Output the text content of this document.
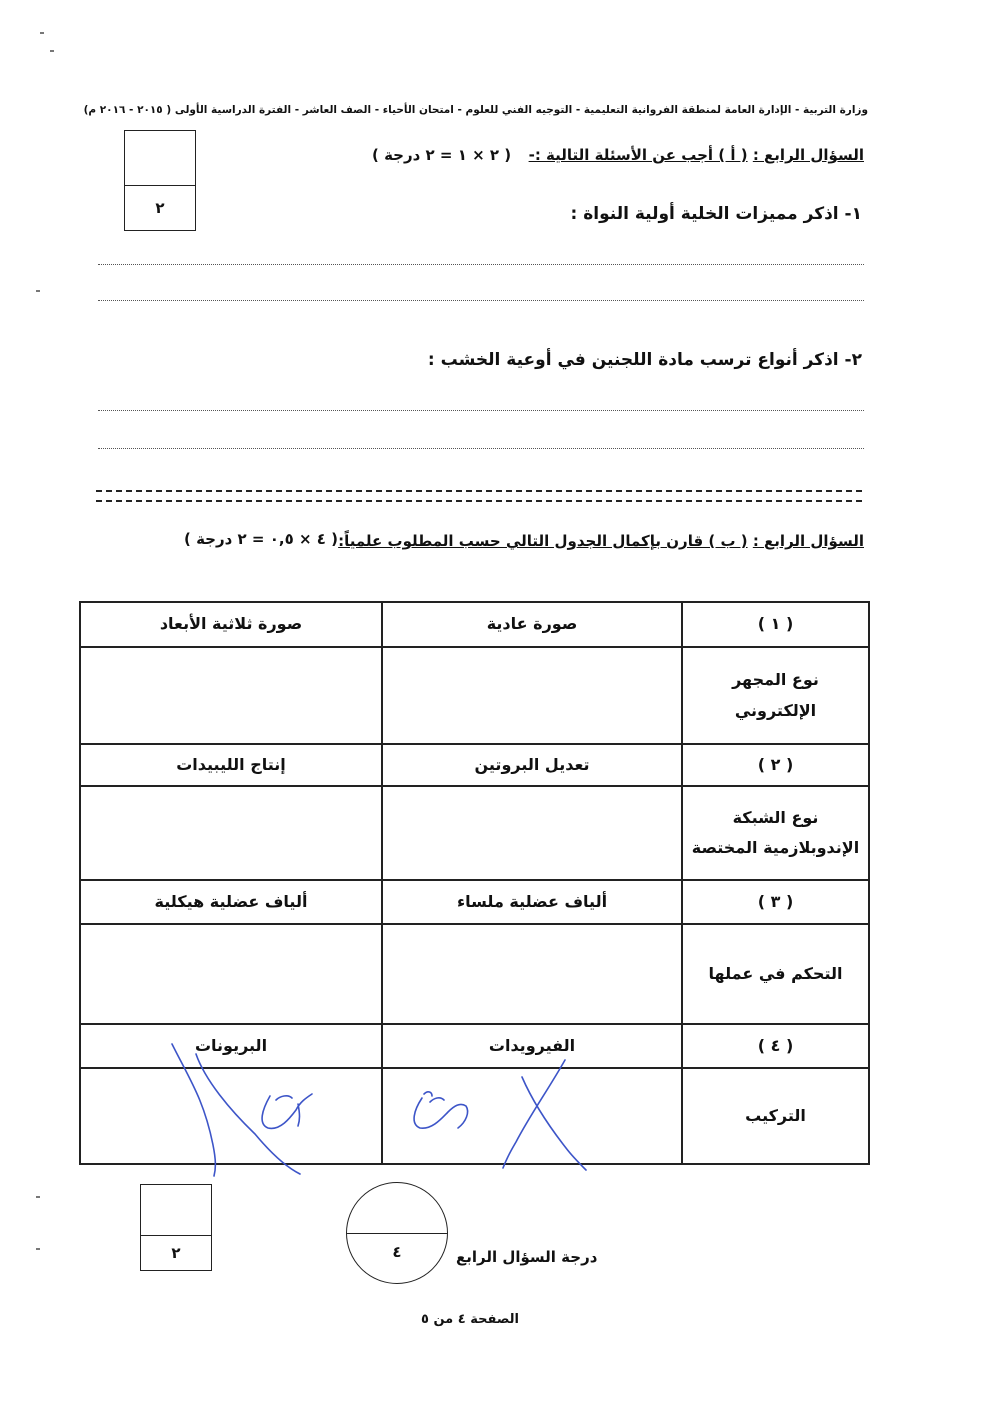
وزارة التربية - الإدارة العامة لمنطقة الفروانية التعليمية - التوجيه الفني للعلوم - امتحان الأحياء - الصف العاشر - الفترة الدراسية الأولى ( ٢٠١٥ - ٢٠١٦ م)
٢
السؤال الرابع : ( أ ) أجب عن الأسئلة التالية :-
( ٢ × ١ = ٢ درجة )
١- اذكر مميزات الخلية أولية النواة :
٢- اذكر أنواع ترسب مادة اللجنين في أوعية الخشب :
السؤال الرابع : ( ب ) قارن بإكمال الجدول التالي حسب المطلوب علمياً:
( ٤ × ٠,٥ = ٢ درجة )
( ١ )	صورة عادية	صورة ثلاثية الأبعاد
نوع المجهر الإلكتروني		
( ٢ )	تعديل البروتين	إنتاج الليبيدات
نوع الشبكة الإندوبلازمية المختصة		
( ٣ )	ألياف عضلية ملساء	ألياف عضلية هيكلية
التحكم في عملها		
( ٤ )	الفيرويدات	البريونات
التركيب		
٢	٤	درجة السؤال الرابع
الصفحة ٤ من ٥
